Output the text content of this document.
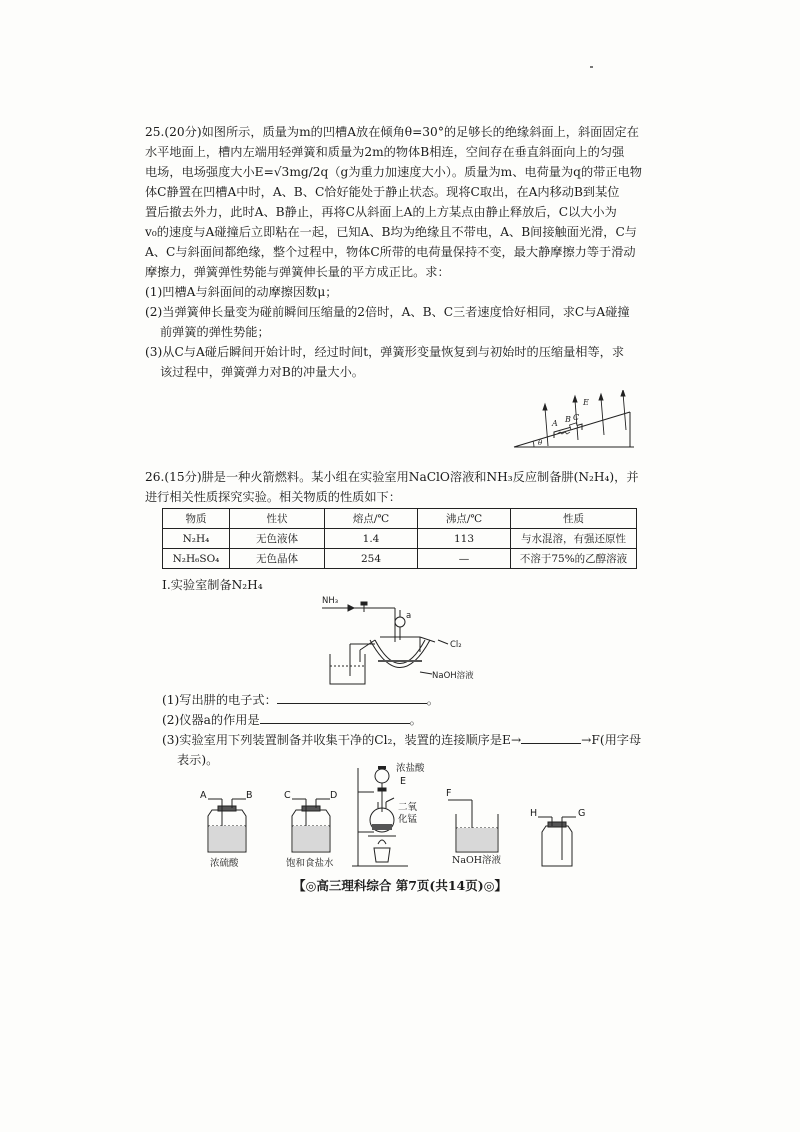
25.(20分)如图所示，质量为m的凹槽A放在倾角θ=30°的足够长的绝缘斜面上，斜面固定在

水平地面上，槽内左端用轻弹簧和质量为2m的物体B相连，空间存在垂直斜面向上的匀强

电场，电场强度大小E=√3mg/2q（g为重力加速度大小）。质量为m、电荷量为q的带正电物

体C静置在凹槽A中时，A、B、C恰好能处于静止状态。现将C取出，在A内移动B到某位

置后撤去外力，此时A、B静止，再将C从斜面上A的上方某点由静止释放后，C以大小为

v₀的速度与A碰撞后立即粘在一起，已知A、B均为绝缘且不带电，A、B间接触面光滑，C与

A、C与斜面间都绝缘，整个过程中，物体C所带的电荷量保持不变，最大静摩擦力等于滑动

摩擦力，弹簧弹性势能与弹簧伸长量的平方成正比。求：

(1)凹槽A与斜面间的动摩擦因数μ；

(2)当弹簧伸长量变为碰前瞬间压缩量的2倍时，A、B、C三者速度恰好相同，求C与A碰撞

前弹簧的弹性势能；

(3)从C与A碰后瞬间开始计时，经过时间t，弹簧形变量恢复到与初始时的压缩量相等，求

该过程中，弹簧弹力对B的冲量大小。

A B C
E
θ

26.(15分)肼是一种火箭燃料。某小组在实验室用NaClO溶液和NH₃反应制备肼(N₂H₄)，并

进行相关性质探究实验。相关物质的性质如下：

物质	性状	熔点/℃	沸点/℃	性质
N₂H₄	无色液体	1.4	113	与水混溶，有强还原性
N₂H₆SO₄	无色晶体	254	—	不溶于75%的乙醇溶液
Ⅰ.实验室制备N₂H₄
NH₃
a
Cl₂
NaOH溶液

(1)写出肼的电子式：	。

(2)仪器a的作用是	。

(3)实验室用下列装置制备并收集干净的Cl₂，装置的连接顺序是E→	→F(用字母

表示)。

A	B
浓硫酸
C	D
饱和食盐水
浓盐酸
E
二氧化锰
F
NaOH溶液
H	G
【◎高三理科综合 第7页(共14页)◎】
